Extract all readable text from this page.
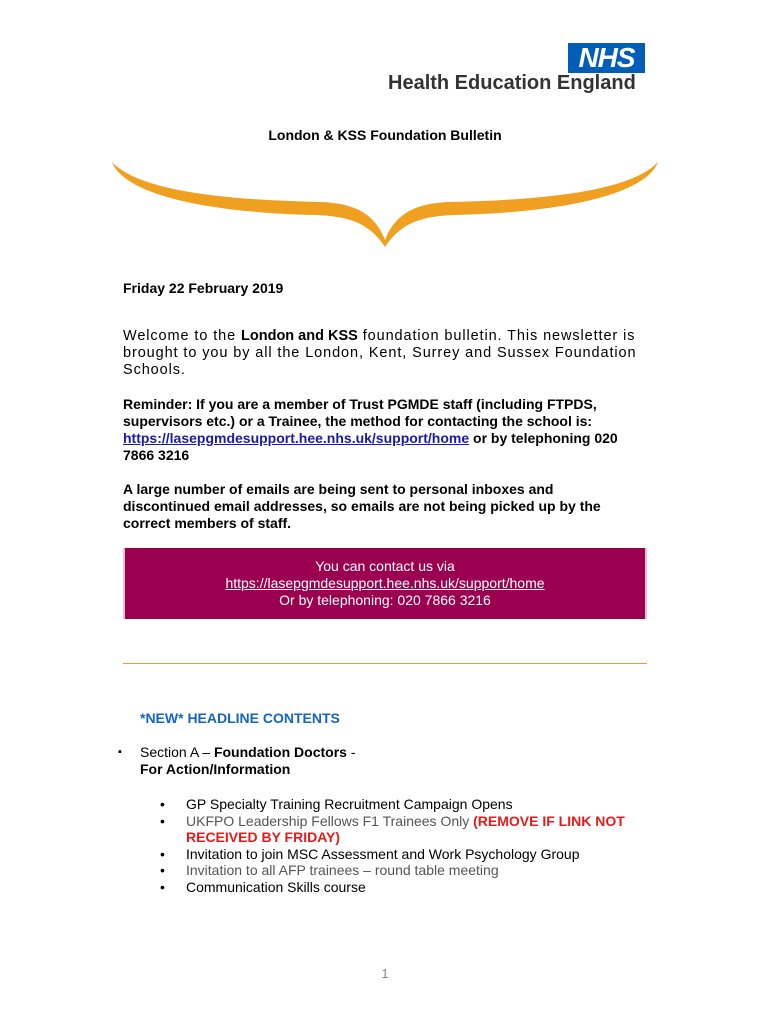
NHS
Health Education England
London & KSS Foundation Bulletin
Friday 22 February 2019
Welcome to the London and KSS foundation bulletin. This newsletter is brought to you by all the London, Kent, Surrey and Sussex Foundation Schools.
Reminder: If you are a member of Trust PGMDE staff (including FTPDS, supervisors etc.) or a Trainee, the method for contacting the school is: https://lasepgmdesupport.hee.nhs.uk/support/home or by telephoning 020 7866 3216
A large number of emails are being sent to personal inboxes and discontinued email addresses, so emails are not being picked up by the correct members of staff.
You can contact us via
https://lasepgmdesupport.hee.nhs.uk/support/home
Or by telephoning: 020 7866 3216
*NEW* HEADLINE CONTENTS
▪ Section A – Foundation Doctors -
For Action/Information
• GP Specialty Training Recruitment Campaign Opens
• UKFPO Leadership Fellows F1 Trainees Only (REMOVE IF LINK NOT RECEIVED BY FRIDAY)
• Invitation to join MSC Assessment and Work Psychology Group
• Invitation to all AFP trainees – round table meeting
• Communication Skills course
1
